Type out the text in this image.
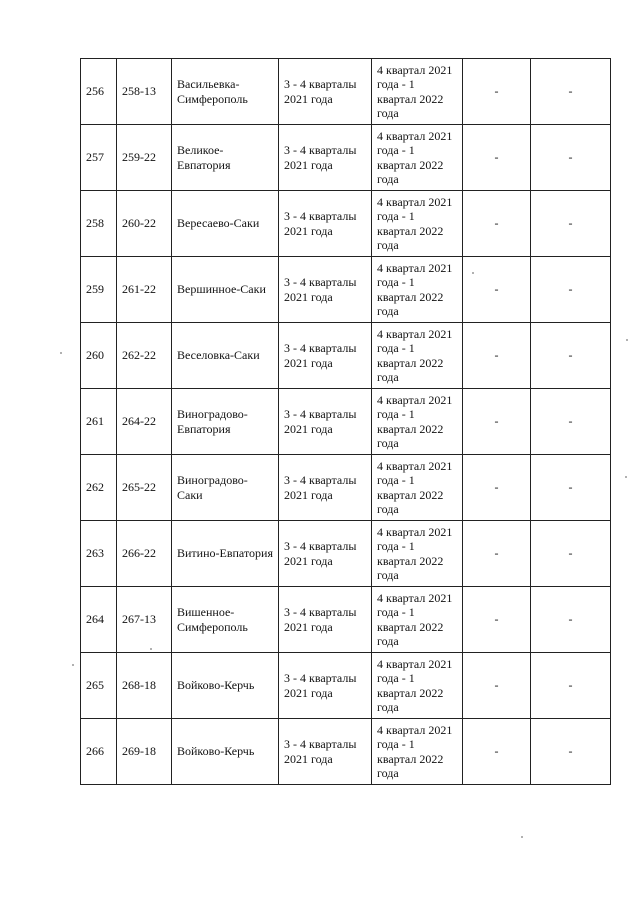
256	258-13	Васильевка-Симферополь	3 - 4 кварталы 2021 года	4 квартал 2021 года - 1 квартал 2022 года	-	-
257	259-22	Великое-Евпатория	3 - 4 кварталы 2021 года	4 квартал 2021 года - 1 квартал 2022 года	-	-
258	260-22	Вересаево-Саки	3 - 4 кварталы 2021 года	4 квартал 2021 года - 1 квартал 2022 года	-	-
259	261-22	Вершинное-Саки	3 - 4 кварталы 2021 года	4 квартал 2021 года - 1 квартал 2022 года	-	-
260	262-22	Веселовка-Саки	3 - 4 кварталы 2021 года	4 квартал 2021 года - 1 квартал 2022 года	-	-
261	264-22	Виноградово-Евпатория	3 - 4 кварталы 2021 года	4 квартал 2021 года - 1 квартал 2022 года	-	-
262	265-22	Виноградово-Саки	3 - 4 кварталы 2021 года	4 квартал 2021 года - 1 квартал 2022 года	-	-
263	266-22	Витино-Евпатория	3 - 4 кварталы 2021 года	4 квартал 2021 года - 1 квартал 2022 года	-	-
264	267-13	Вишенное-Симферополь	3 - 4 кварталы 2021 года	4 квартал 2021 года - 1 квартал 2022 года	-	-
265	268-18	Войково-Керчь	3 - 4 кварталы 2021 года	4 квартал 2021 года - 1 квартал 2022 года	-	-
266	269-18	Войково-Керчь	3 - 4 кварталы 2021 года	4 квартал 2021 года - 1 квартал 2022 года	-	-
